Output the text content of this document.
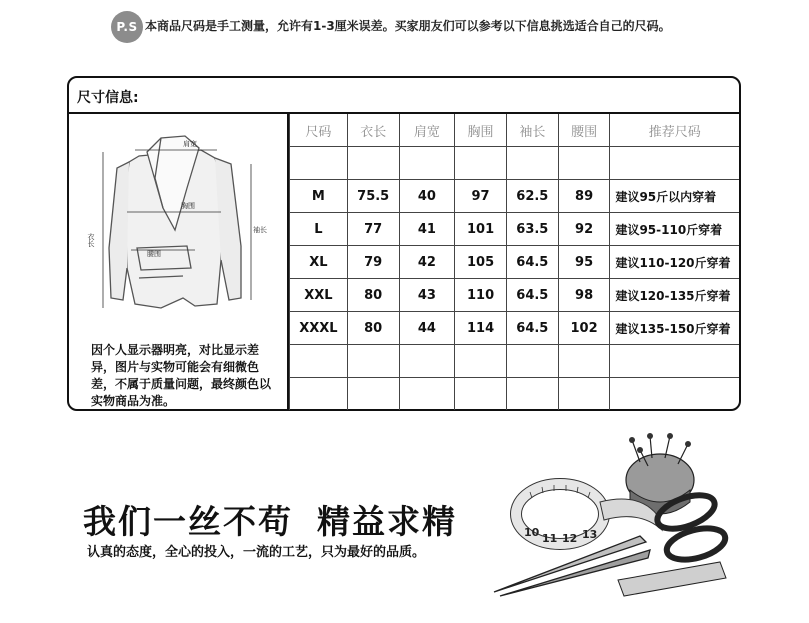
P.S 本商品尺码是手工测量，允许有1-3厘米误差。买家朋友们可以参考以下信息挑选适合自己的尺码。
尺寸信息:
肩宽
胸围
腰围
衣长
袖长
因个人显示器明亮，对比显示差异，图片与实物可能会有细微色差，不属于质量问题，最终颜色以实物商品为准。
尺码	衣长	肩宽	胸围	袖长	腰围	推荐尺码

M	75.5	40	97	62.5	89	建议95斤以内穿着
L	77	41	101	63.5	92	建议95-110斤穿着
XL	79	42	105	64.5	95	建议110-120斤穿着
XXL	80	43	110	64.5	98	建议120-135斤穿着
XXXL	80	44	114	64.5	102	建议135-150斤穿着

我们一丝不苟 精益求精
认真的态度，全心的投入，一流的工艺，只为最好的品质。
10 11 12 13
